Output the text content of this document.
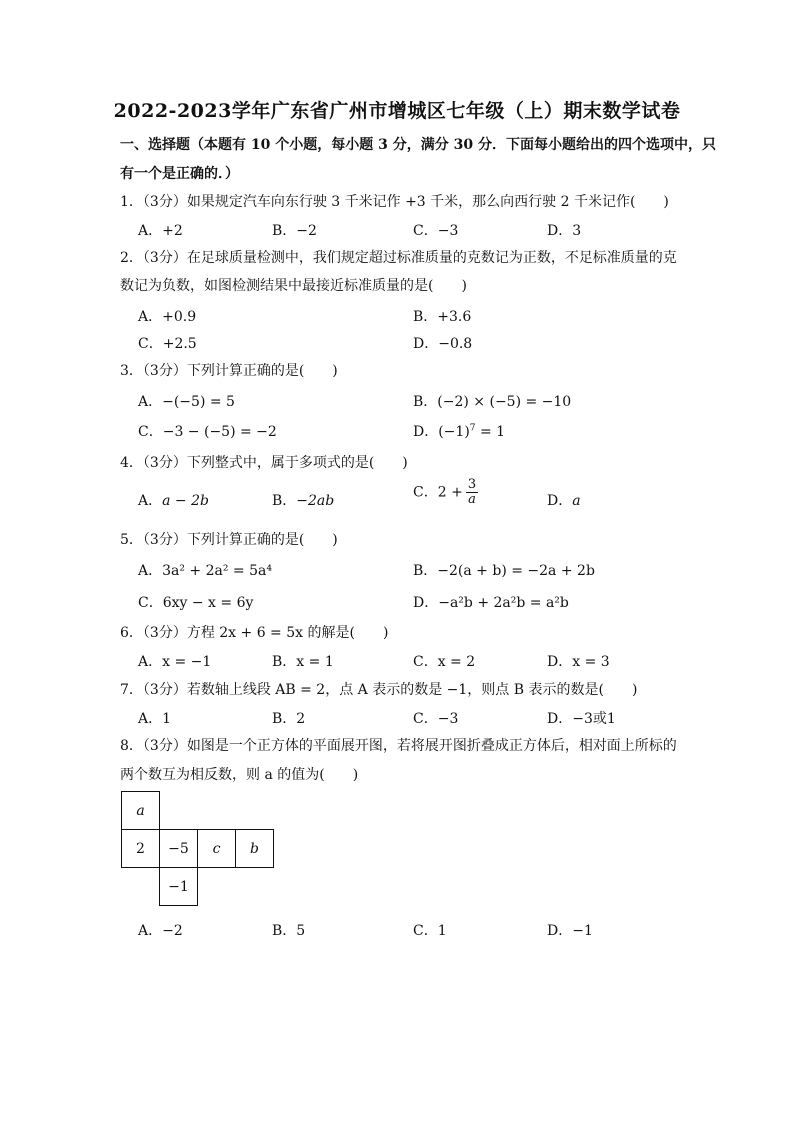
2022-2023学年广东省广州市增城区七年级（上）期末数学试卷
一、选择题（本题有 10 个小题，每小题 3 分，满分 30 分．下面每小题给出的四个选项中，只
有一个是正确的．）
1．（3分）如果规定汽车向东行驶 3 千米记作 +3 千米，那么向西行驶 2 千米记作(　　)
A．+2	B．−2	C．−3	D．3
2．（3分）在足球质量检测中，我们规定超过标准质量的克数记为正数，不足标准质量的克
数记为负数，如图检测结果中最接近标准质量的是(　　)
A．+0.9	B．+3.6
C．+2.5	D．−0.8
3．（3分）下列计算正确的是(　　)
A．−(−5) = 5	B．(−2) × (−5) = −10
C．−3 − (−5) = −2	D．$(-1)^7 = 1$
4．（3分）下列整式中，属于多项式的是(　　)
A．a − 2b	B．−2ab
C．$2 + \frac{3}{a}$	D．a
5．（3分）下列计算正确的是(　　)
A．3a² + 2a² = 5a⁴	B．−2(a + b) = −2a + 2b
C．6xy − x = 6y	D．−a²b + 2a²b = a²b
6．（3分）方程 2x + 6 = 5x 的解是(　　)
A．x = −1	B．x = 1	C．x = 2	D．x = 3
7．（3分）若数轴上线段 AB = 2，点 A 表示的数是 −1，则点 B 表示的数是(　　)
A．1	B．2	C．−3	D．−3或1
8．（3分）如图是一个正方体的平面展开图，若将展开图折叠成正方体后，相对面上所标的
两个数互为相反数，则 a 的值为(　　)
a
2	−5	c	b
−1
A．−2	B．5	C．1	D．−1
